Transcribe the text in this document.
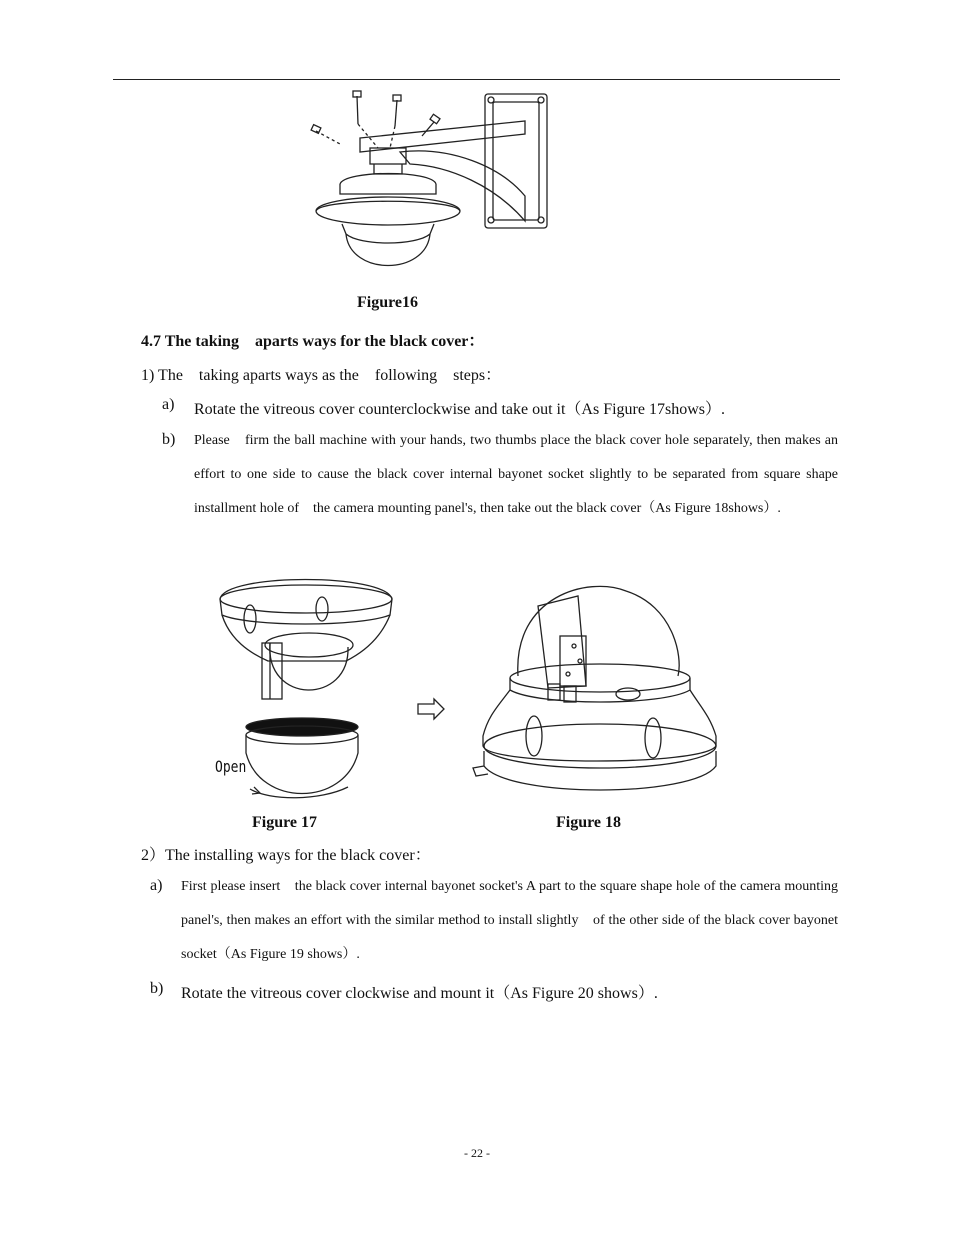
Figure16
4.7 The taking　aparts ways for the black cover：
1) The　taking aparts ways as the　following　steps：
a) Rotate the vitreous cover counterclockwise and take out it（As Figure 17shows）.
b) Please　firm the ball machine with your hands, two thumbs place the black cover hole separately, then makes an effort to one side to cause the black cover internal bayonet socket slightly to be separated from square shape installment hole of　the camera mounting panel's, then take out the black cover（As Figure 18shows）.
Open
Figure 17	Figure 18
2）The installing ways for the black cover：
a) First please insert　the black cover internal bayonet socket's A part to the square shape hole of the camera mounting panel's, then makes an effort with the similar method to install slightly　of the other side of the black cover bayonet socket（As Figure 19 shows）.
b) Rotate the vitreous cover clockwise and mount it（As Figure 20 shows）.
- 22 -
